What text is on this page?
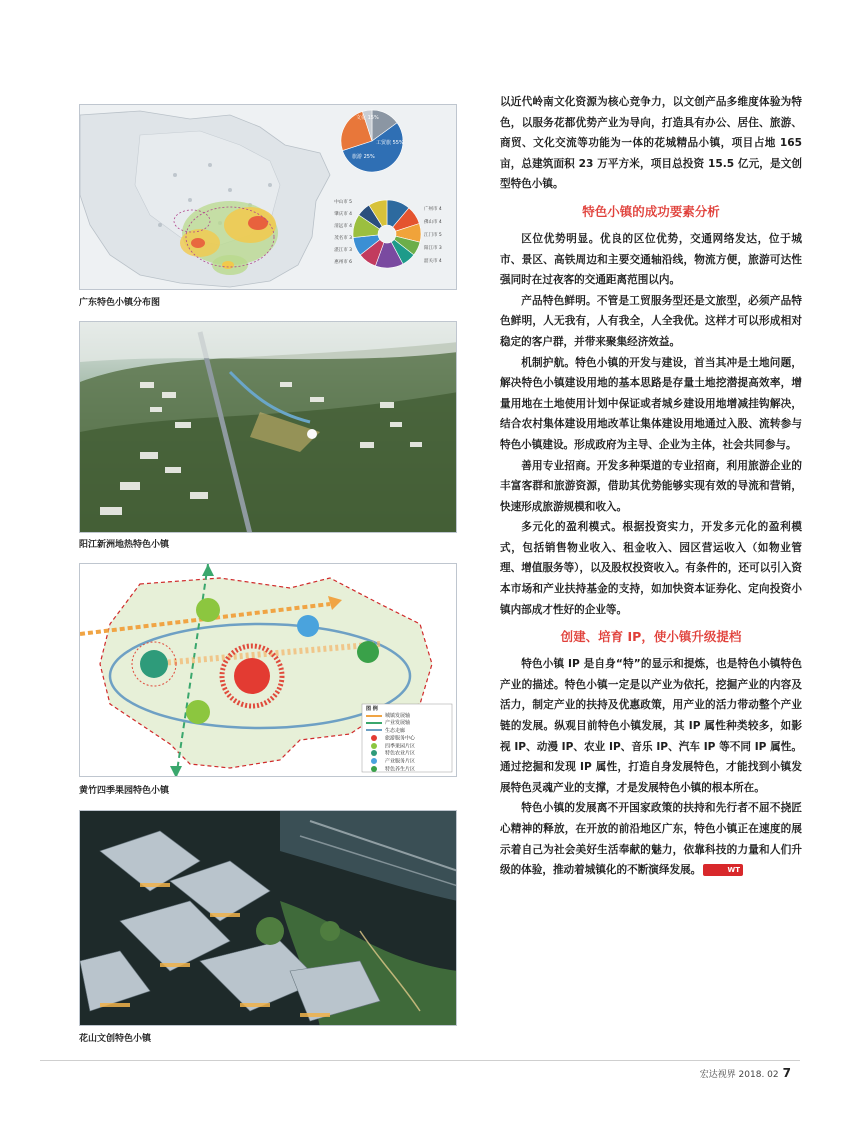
文化 15%
工贸旅 55%
旅游 25%
中山市 5
肇庆市 4
清远市 4
茂名市 3
湛江市 3
惠州市 6
广州市 4
佛山市 4
江门市 5
阳江市 3
韶关市 4
广东特色小镇分布图
阳江新洲地热特色小镇
图 例
城镇发展轴
产业发展轴
生态走廊
旅游服务中心
四季果园片区
特色农业片区
产业服务片区
特色养生片区
黄竹四季果园特色小镇
花山文创特色小镇

以近代岭南文化资源为核心竞争力，以文创产品多维度体验为特色，以服务花都优势产业为导向，打造具有办公、居住、旅游、商贸、文化交流等功能为一体的花城精品小镇，项目占地 165 亩，总建筑面积 23 万平方米，项目总投资 15.5 亿元，是文创型特色小镇。

特色小镇的成功要素分析

区位优势明显。优良的区位优势，交通网络发达，位于城市、景区、高铁周边和主要交通轴沿线，物流方便，旅游可达性强同时在过夜客的交通距离范围以内。

产品特色鲜明。不管是工贸服务型还是文旅型，必须产品特色鲜明，人无我有，人有我全，人全我优。这样才可以形成相对稳定的客户群，并带来聚集经济效益。

机制护航。特色小镇的开发与建设，首当其冲是土地问题，解决特色小镇建设用地的基本思路是存量土地挖潜提高效率，增量用地在土地使用计划中保证或者城乡建设用地增减挂钩解决，结合农村集体建设用地改革让集体建设用地通过入股、流转参与特色小镇建设。形成政府为主导、企业为主体，社会共同参与。

善用专业招商。开发多种渠道的专业招商，利用旅游企业的丰富客群和旅游资源，借助其优势能够实现有效的导流和营销，快速形成旅游规模和收入。

多元化的盈利模式。根据投资实力，开发多元化的盈利模式，包括销售物业收入、租金收入、园区营运收入（如物业管理、增值服务等），以及股权投资收入。有条件的，还可以引入资本市场和产业扶持基金的支持，如加快资本证券化、定向投资小镇内部成才性好的企业等。

创建、培育 IP，使小镇升级提档

特色小镇 IP 是自身“特”的显示和提炼，也是特色小镇特色产业的描述。特色小镇一定是以产业为依托，挖掘产业的内容及活力，制定产业的扶持及优惠政策，用产业的活力带动整个产业链的发展。纵观目前特色小镇发展，其 IP 属性种类较多，如影视 IP、动漫 IP、农业 IP、音乐 IP、汽车 IP 等不同 IP 属性。通过挖掘和发现 IP 属性，打造自身发展特色，才能找到小镇发展特色灵魂产业的支撑，才是发展特色小镇的根本所在。

特色小镇的发展离不开国家政策的扶持和先行者不屈不挠匠心精神的释放，在开放的前沿地区广东，特色小镇正在速度的展示着自己为社会美好生活奉献的魅力，依靠科技的力量和人们升级的体验，推动着城镇化的不断演绎发展。	WT

宏达视界 2018. 02 7
